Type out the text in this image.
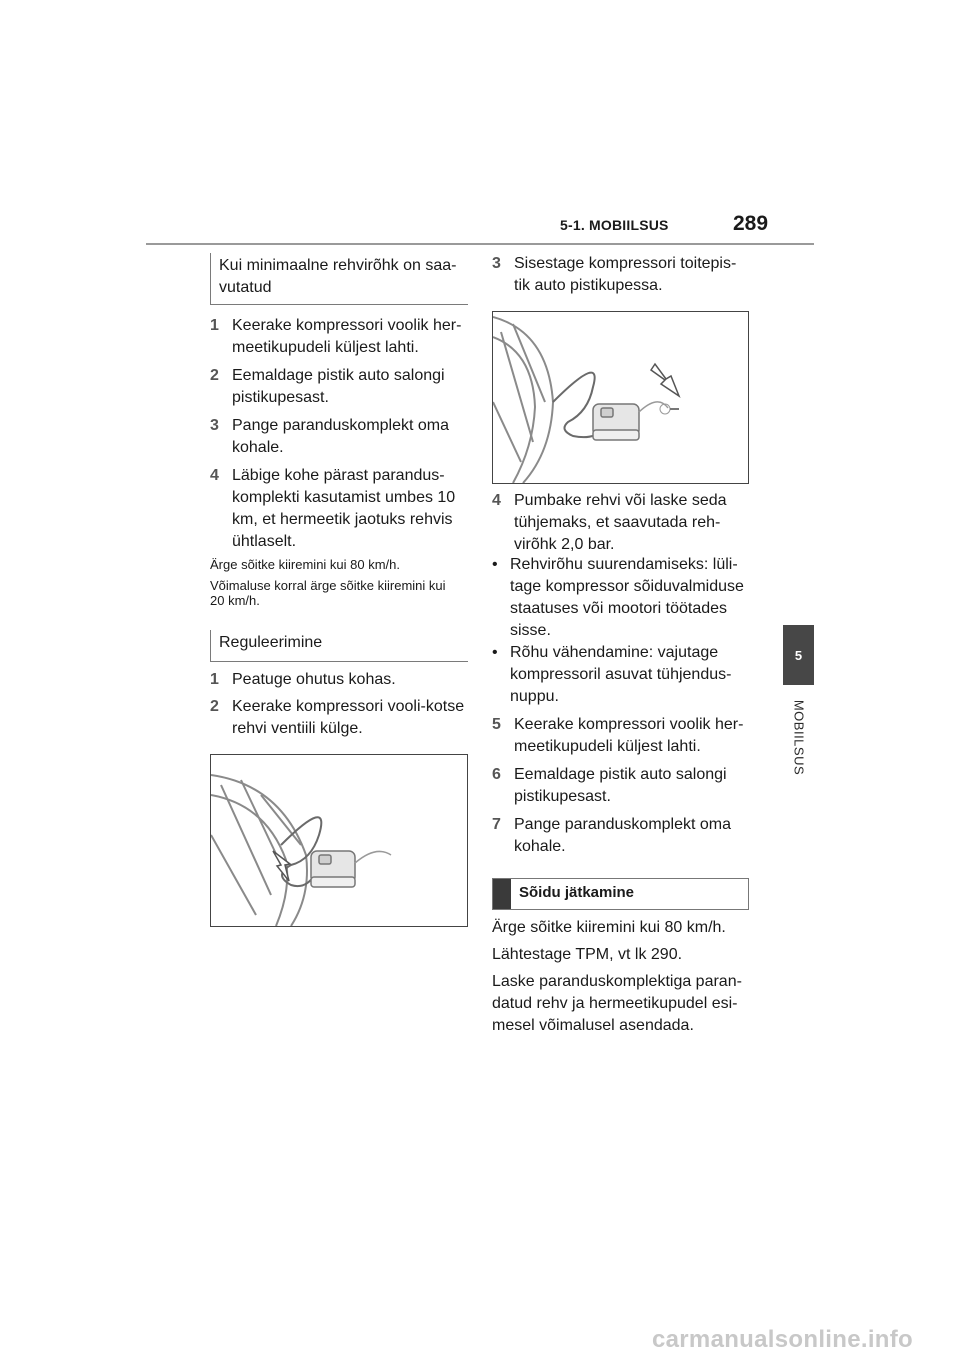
5-1. MOBIILSUS	289
5
MOBIILSUS
Kui minimaalne rehvirõhk on saa-vutatud
1 Keerake kompressori voolik her-meetikupudeli küljest lahti.
2 Eemaldage pistik auto salongi pistikupesast.
3 Pange paranduskomplekt oma kohale.
4 Läbige kohe pärast parandus-komplekti kasutamist umbes 10 km, et hermeetik jaotuks rehvis ühtlaselt.
Ärge sõitke kiiremini kui 80 km/h.
Võimaluse korral ärge sõitke kiiremini kui 20 km/h.
Reguleerimine
1 Peatuge ohutus kohas.
2 Keerake kompressori vooli-kotse rehvi ventiili külge.
3 Sisestage kompressori toitepis-tik auto pistikupessa.
4 Pumbake rehvi või laske seda tühjemaks, et saavutada reh-virõhk 2,0 bar.
• Rehvirõhu suurendamiseks: lüli-tage kompressor sõiduvalmiduse staatuses või mootori töötades sisse.
• Rõhu vähendamine: vajutage kompressoril asuvat tühjendus-nuppu.
5 Keerake kompressori voolik her-meetikupudeli küljest lahti.
6 Eemaldage pistik auto salongi pistikupesast.
7 Pange paranduskomplekt oma kohale.
Sõidu jätkamine
Ärge sõitke kiiremini kui 80 km/h.
Lähtestage TPM, vt lk 290.
Laske paranduskomplektiga paran-datud rehv ja hermeetikupudel esi-mesel võimalusel asendada.
carmanualsonline.info
